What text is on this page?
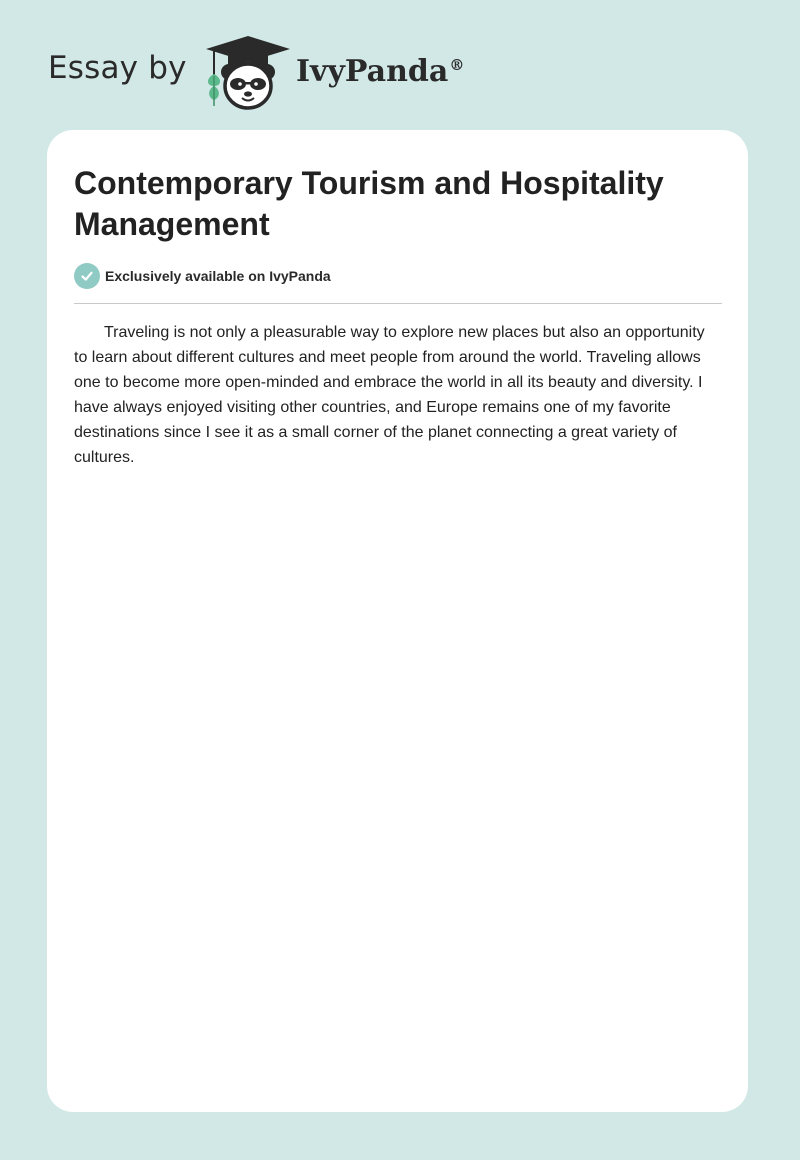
Essay by	IvyPanda®
Contemporary Tourism and Hospitality Management
Exclusively available on IvyPanda

Traveling is not only a pleasurable way to explore new places but also an opportunity to learn about different cultures and meet people from around the world. Traveling allows one to become more open-minded and embrace the world in all its beauty and diversity. I have always enjoyed visiting other countries, and Europe remains one of my favorite destinations since I see it as a small corner of the planet connecting a great variety of cultures.
